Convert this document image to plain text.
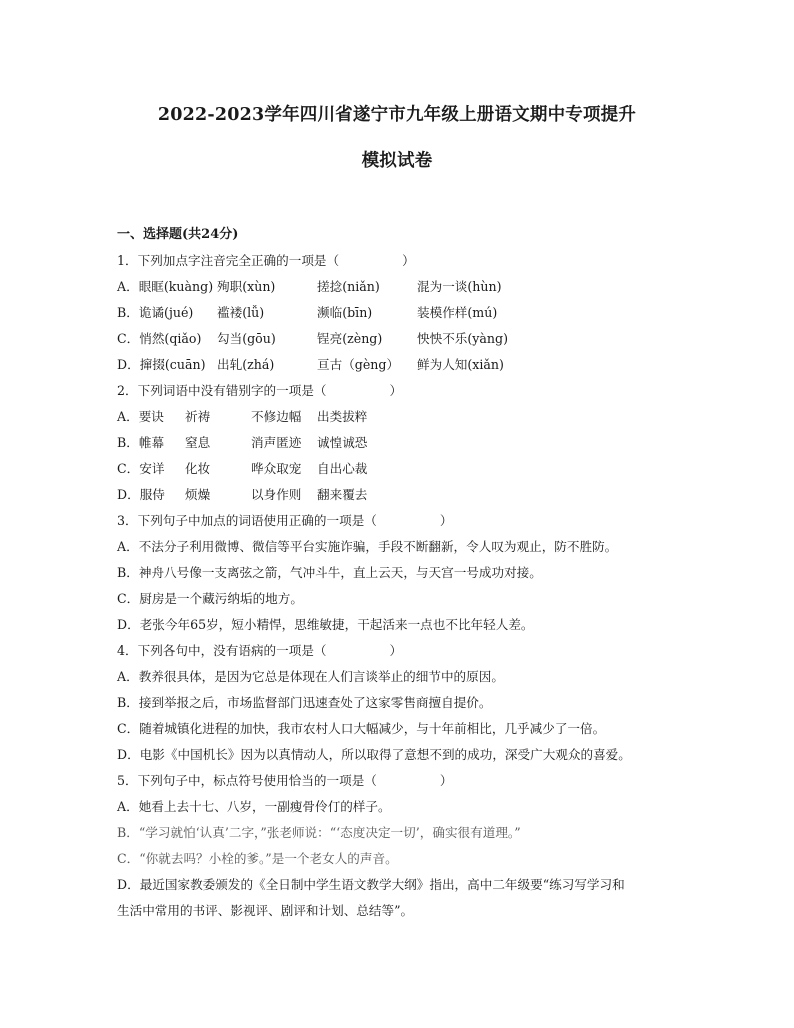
2022-2023学年四川省遂宁市九年级上册语文期中专项提升
模拟试卷
一、选择题(共24分)
1．下列加点字注音完全正确的一项是（　　　　　）
A．眼眶(kuàng) 殉职(xùn)	搓捻(niǎn)	混为一谈(hùn)
B．诡谲(jué)	褴褛(lǚ)	濒临(bīn)	装模作样(mú)
C．悄然(qiǎo)	勾当(gōu)	锃亮(zèng)	怏怏不乐(yàng)
D．撺掇(cuān) 出轧(zhá)	亘古（gèng）	鲜为人知(xiǎn)
2．下列词语中没有错别字的一项是（　　　　　）
A．要诀	祈祷	不修边幅	出类拔粹
B．帷幕	窒息	消声匿迹	诚惶诚恐
C．安详	化妆	哗众取宠	自出心裁
D．服侍	烦燥	以身作则	翻来覆去
3．下列句子中加点的词语使用正确的一项是（　　　　　）
A．不法分子利用微博、微信等平台实施诈骗，手段不断翻新，令人叹为观止，防不胜防。
B．神舟八号像一支离弦之箭，气冲斗牛，直上云天，与天宫一号成功对接。
C．厨房是一个藏污纳垢的地方。
D．老张今年65岁，短小精悍，思维敏捷，干起活来一点也不比年轻人差。
4．下列各句中，没有语病的一项是（　　　　　）
A．教养很具体，是因为它总是体现在人们言谈举止的细节中的原因。
B．接到举报之后，市场监督部门迅速查处了这家零售商擅自提价。
C．随着城镇化进程的加快，我市农村人口大幅减少，与十年前相比，几乎减少了一倍。
D．电影《中国机长》因为以真情动人，所以取得了意想不到的成功，深受广大观众的喜爱。
5．下列句子中，标点符号使用恰当的一项是（　　　　　）
A．她看上去十七、八岁，一副瘦骨伶仃的样子。
B．“学习就怕‘认真’二字，”张老师说：“‘态度决定一切’，确实很有道理。”
C．“你就去吗？小栓的爹。”是一个老女人的声音。
D．最近国家教委颁发的《全日制中学生语文教学大纲》指出，高中二年级要“练习写学习和
生活中常用的书评、影视评、剧评和计划、总结等”。
